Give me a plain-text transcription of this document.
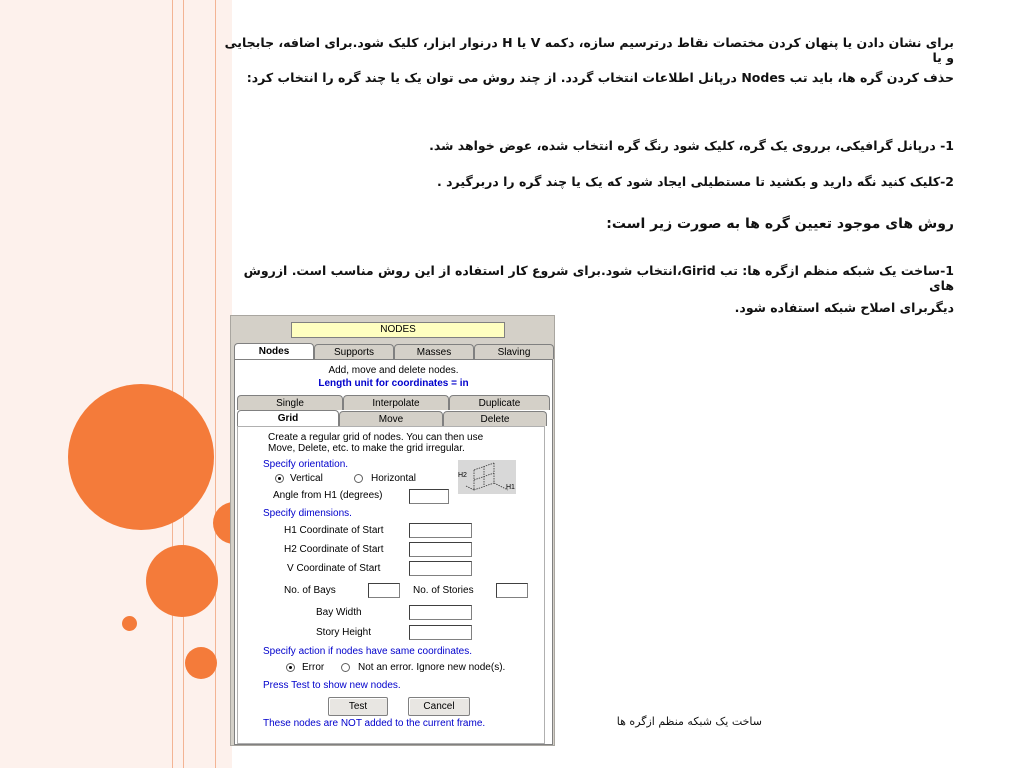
برای نشان دادن یا پنهان کردن مختصات نقاط درترسیم سازه، دکمه V یا H درنوار ابزار، کلیک شود.برای اضافه، جابجایی و یا
حذف کردن گره ها، باید تب Nodes درپانل اطلاعات انتخاب گردد. از چند روش می توان یک یا چند گره را انتخاب کرد:
1- درپانل گرافیکی، برروی یک گره، کلیک شود رنگ گره انتخاب شده، عوض خواهد شد.
2-کلیک کنید نگه دارید و بکشید تا مستطیلی ایجاد شود که یک یا چند گره را دربرگیرد .
روش های موجود تعیین گره ها به صورت زیر است:
1-ساخت یک شبکه منظم ازگره ها: تب Girid،انتخاب شود.برای شروع کار استفاده از این روش مناسب است. ازروش های
دیگربرای اصلاح شبکه استفاده شود.
ساخت یک شبکه منظم ازگره ها
NODES
Nodes	Supports	Masses	Slaving
Add, move and delete nodes.
Length unit for coordinates = in
Single	Interpolate	Duplicate
Grid	Move	Delete
Create a regular grid of nodes. You can then use
Move, Delete, etc. to make the grid irregular.
Specify orientation.
Vertical	Horizontal	H2
H1
Angle from H1 (degrees)
Specify dimensions.
H1 Coordinate of Start
H2 Coordinate of Start
V Coordinate of Start
No. of Bays	No. of Stories
Bay Width
Story Height
Specify action if nodes have same coordinates.
Error	Not an error. Ignore new node(s).
Press Test to show new nodes.
Test	Cancel
These nodes are NOT added to the current frame.
